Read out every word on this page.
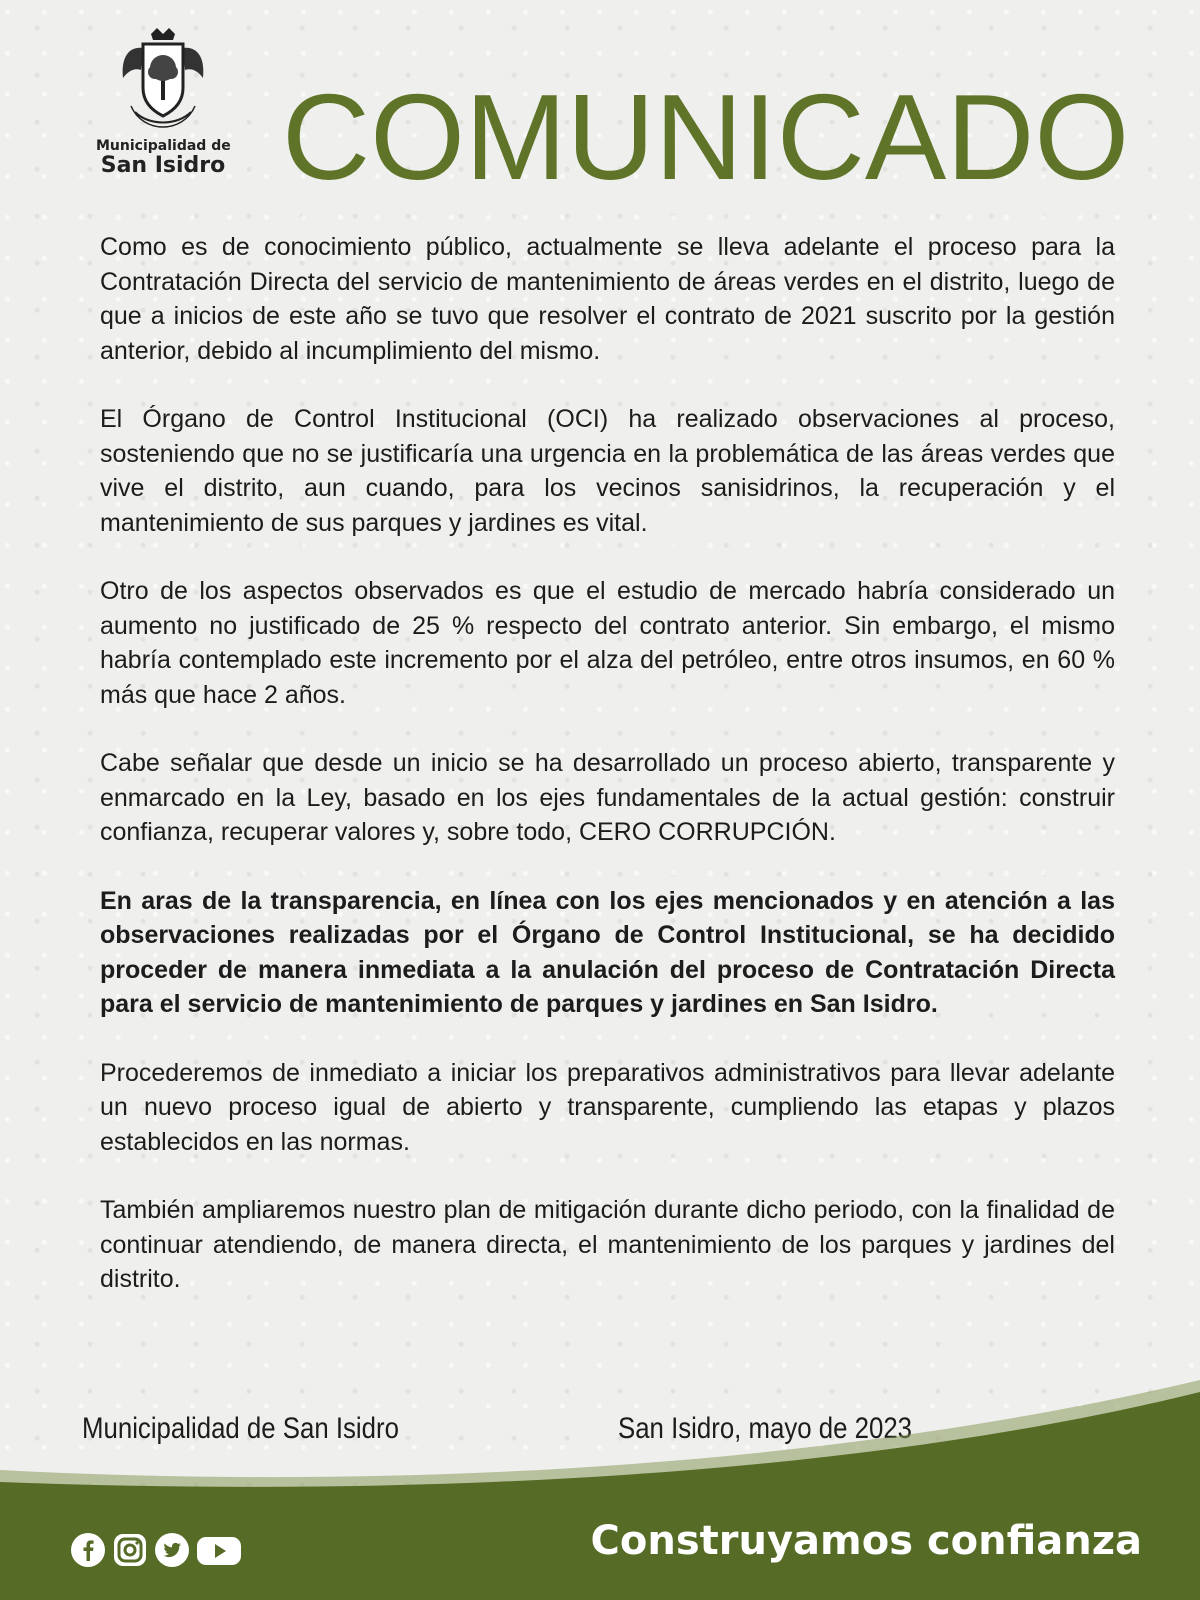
Municipalidad de
San Isidro COMUNICADO

Como es de conocimiento público, actualmente se lleva adelante el proceso para la Contratación Directa del servicio de mantenimiento de áreas verdes en el distrito, luego de que a inicios de este año se tuvo que resolver el contrato de 2021 suscrito por la gestión anterior, debido al incumplimiento del mismo.

El Órgano de Control Institucional (OCI) ha realizado observaciones al proceso, sosteniendo que no se justificaría una urgencia en la problemática de las áreas verdes que vive el distrito, aun cuando, para los vecinos sanisidrinos, la recuperación y el mantenimiento de sus parques y jardines es vital.

Otro de los aspectos observados es que el estudio de mercado habría considerado un aumento no justificado de 25 % respecto del contrato anterior. Sin embargo, el mismo habría contemplado este incremento por el alza del petróleo, entre otros insumos, en 60 % más que hace 2 años.

Cabe señalar que desde un inicio se ha desarrollado un proceso abierto, transparente y enmarcado en la Ley, basado en los ejes fundamentales de la actual gestión: construir confianza, recuperar valores y, sobre todo, CERO CORRUPCIÓN.

En aras de la transparencia, en línea con los ejes mencionados y en atención a las observaciones realizadas por el Órgano de Control Institucional, se ha decidido proceder de manera inmediata a la anulación del proceso de Contratación Directa para el servicio de mantenimiento de parques y jardines en San Isidro.

Procederemos de inmediato a iniciar los preparativos administrativos para llevar adelante un nuevo proceso igual de abierto y transparente, cumpliendo las etapas y plazos establecidos en las normas.

También ampliaremos nuestro plan de mitigación durante dicho periodo, con la finalidad de continuar atendiendo, de manera directa, el mantenimiento de los parques y jardines del distrito.

Municipalidad de San Isidro	San Isidro, mayo de 2023
Construyamos confianza
